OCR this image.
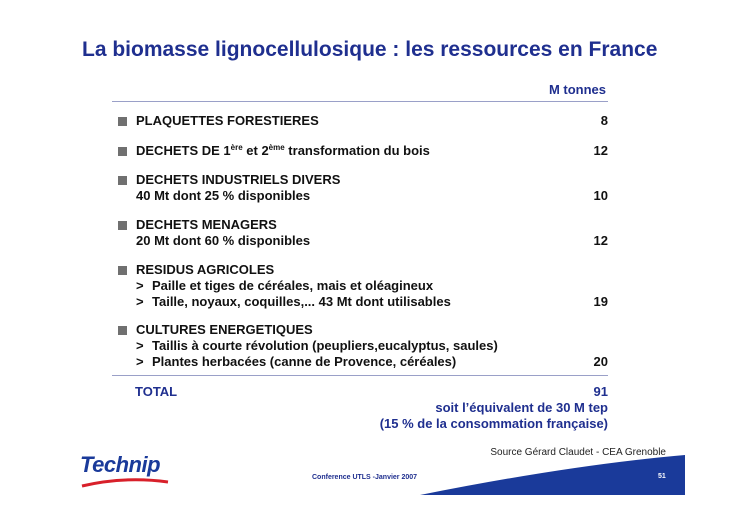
La biomasse lignocellulosique : les ressources en France
M tonnes
PLAQUETTES FORESTIERES	8
DECHETS DE 1ère et 2ème transformation du bois	12
DECHETS INDUSTRIELS DIVERS
40 Mt dont 25 % disponibles	10
DECHETS MENAGERS
20 Mt dont 60 % disponibles	12
RESIDUS AGRICOLES
> Paille et tiges de céréales, mais et oléagineux
> Taille, noyaux, coquilles,... 43 Mt dont utilisables	19
CULTURES ENERGETIQUES
> Taillis à courte révolution (peupliers,eucalyptus, saules)
> Plantes herbacées (canne de Provence, céréales)	20
TOTAL	91
soit l’équivalent de 30 M tep
(15 % de la consommation française)
Source Gérard Claudet - CEA Grenoble
Technip
Conference UTLS -Janvier 2007	51
